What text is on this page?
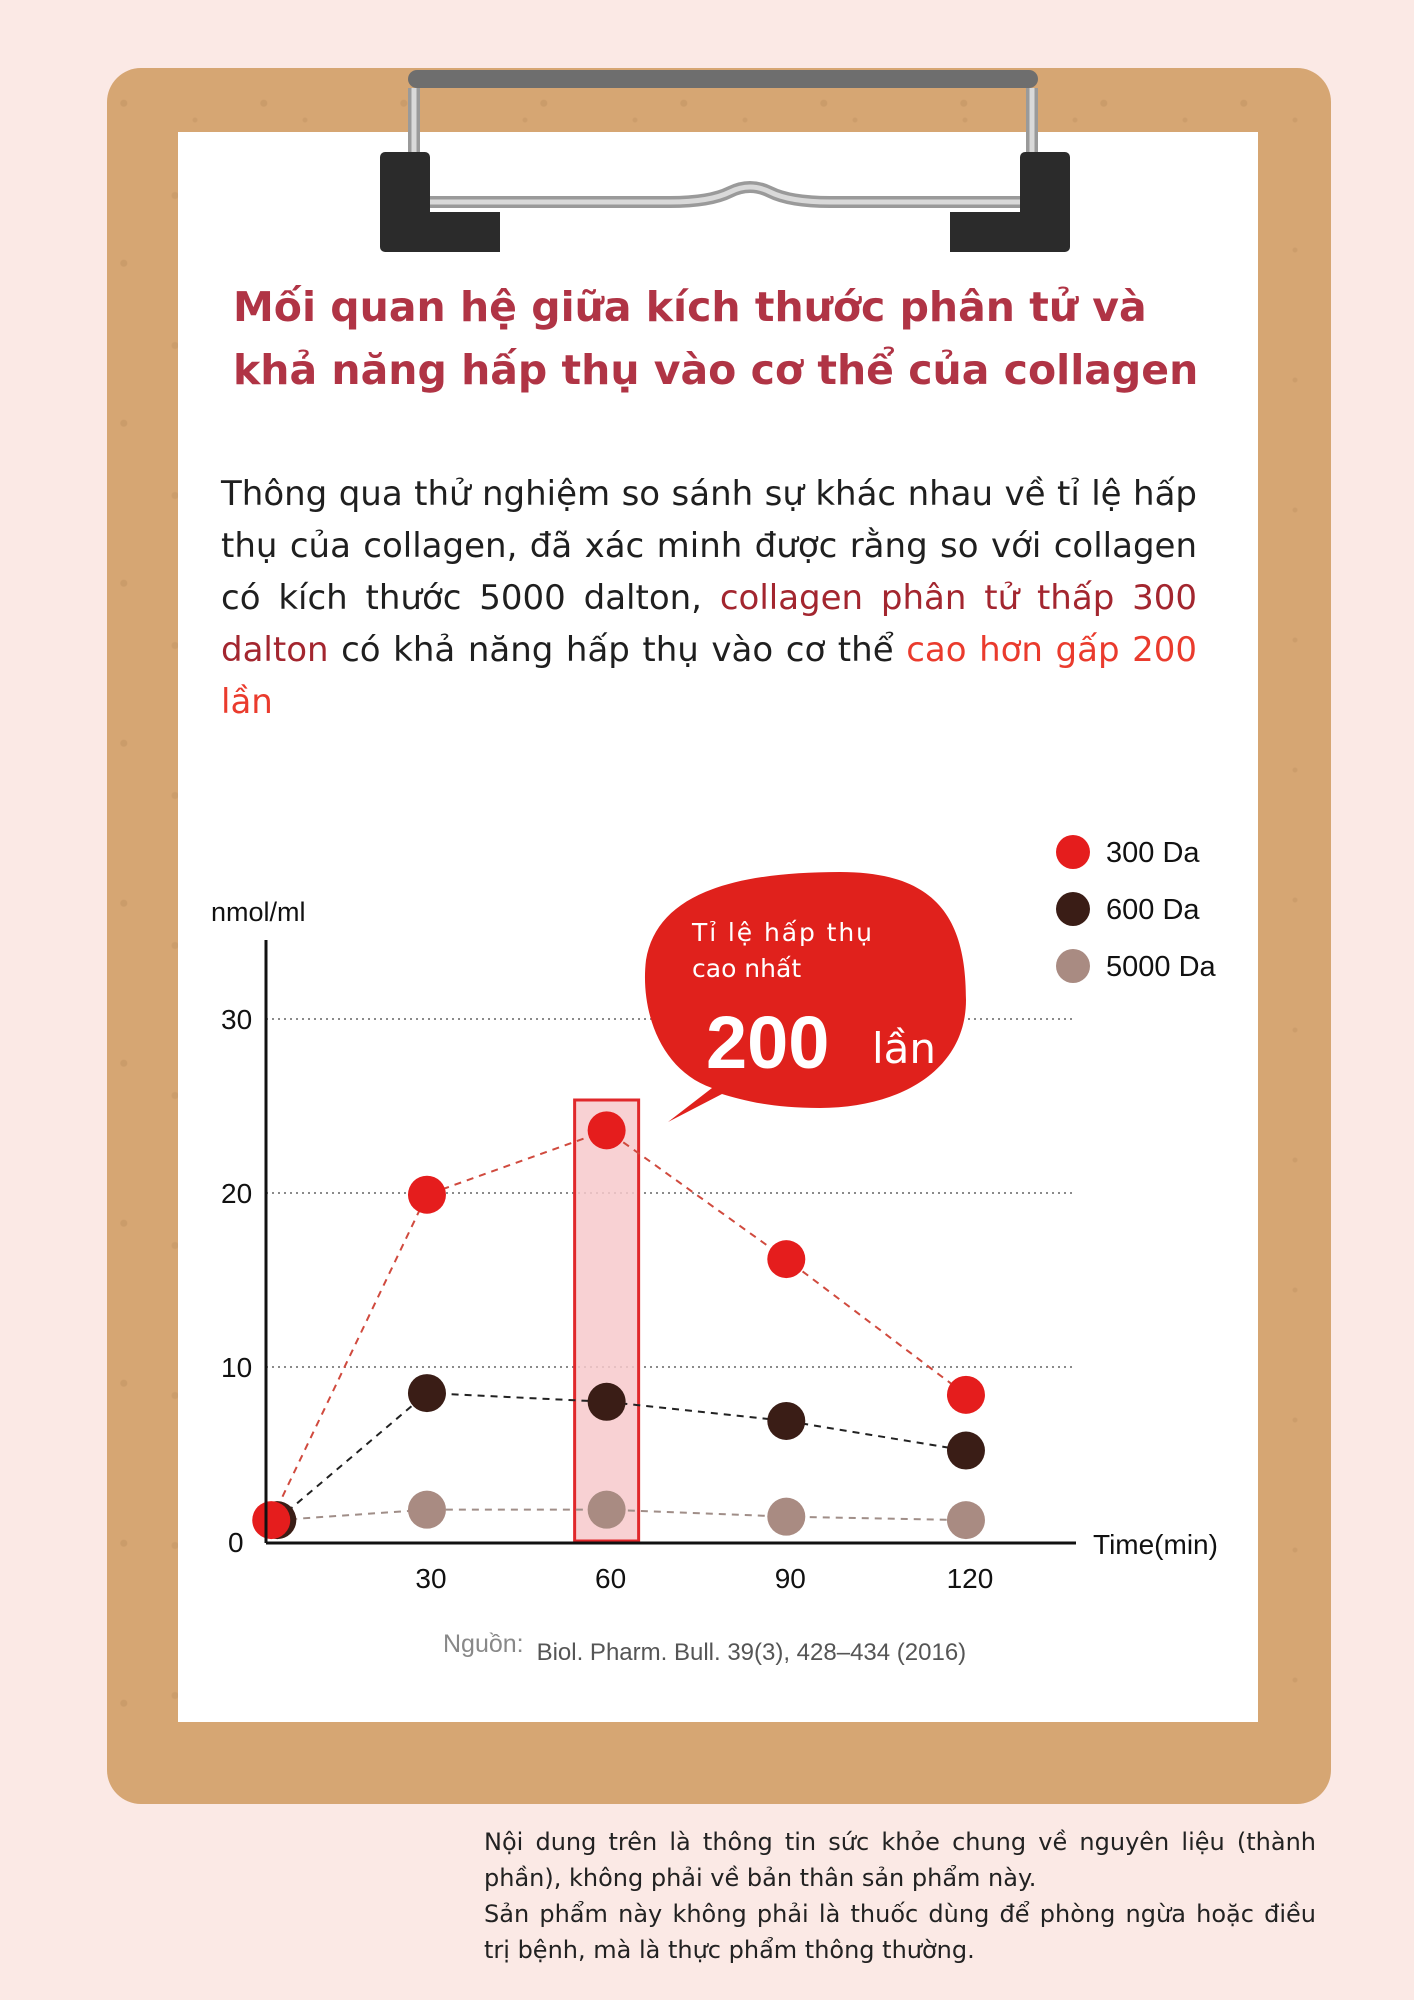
Mối quan hệ giữa kích thước phân tử và
khả năng hấp thụ vào cơ thể của collagen
Thông qua thử nghiệm so sánh sự khác nhau về tỉ lệ hấp thụ của collagen, đã xác minh được rằng so với collagen có kích thước 5000 dalton, collagen phân tử thấp 300 dalton có khả năng hấp thụ vào cơ thể cao hơn gấp 200 lần
0
10
20
30
30	60	90	120
nmol/ml
Time(min)
Tỉ lệ hấp thụ
cao nhất
200 lần
300 Da
600 Da
5000 Da
Nguồn: Biol. Pharm. Bull. 39(3), 428–434 (2016)
Nội dung trên là thông tin sức khỏe chung về nguyên liệu (thành phần), không phải về bản thân sản phẩm này.
Sản phẩm này không phải là thuốc dùng để phòng ngừa hoặc điều trị bệnh, mà là thực phẩm thông thường.
